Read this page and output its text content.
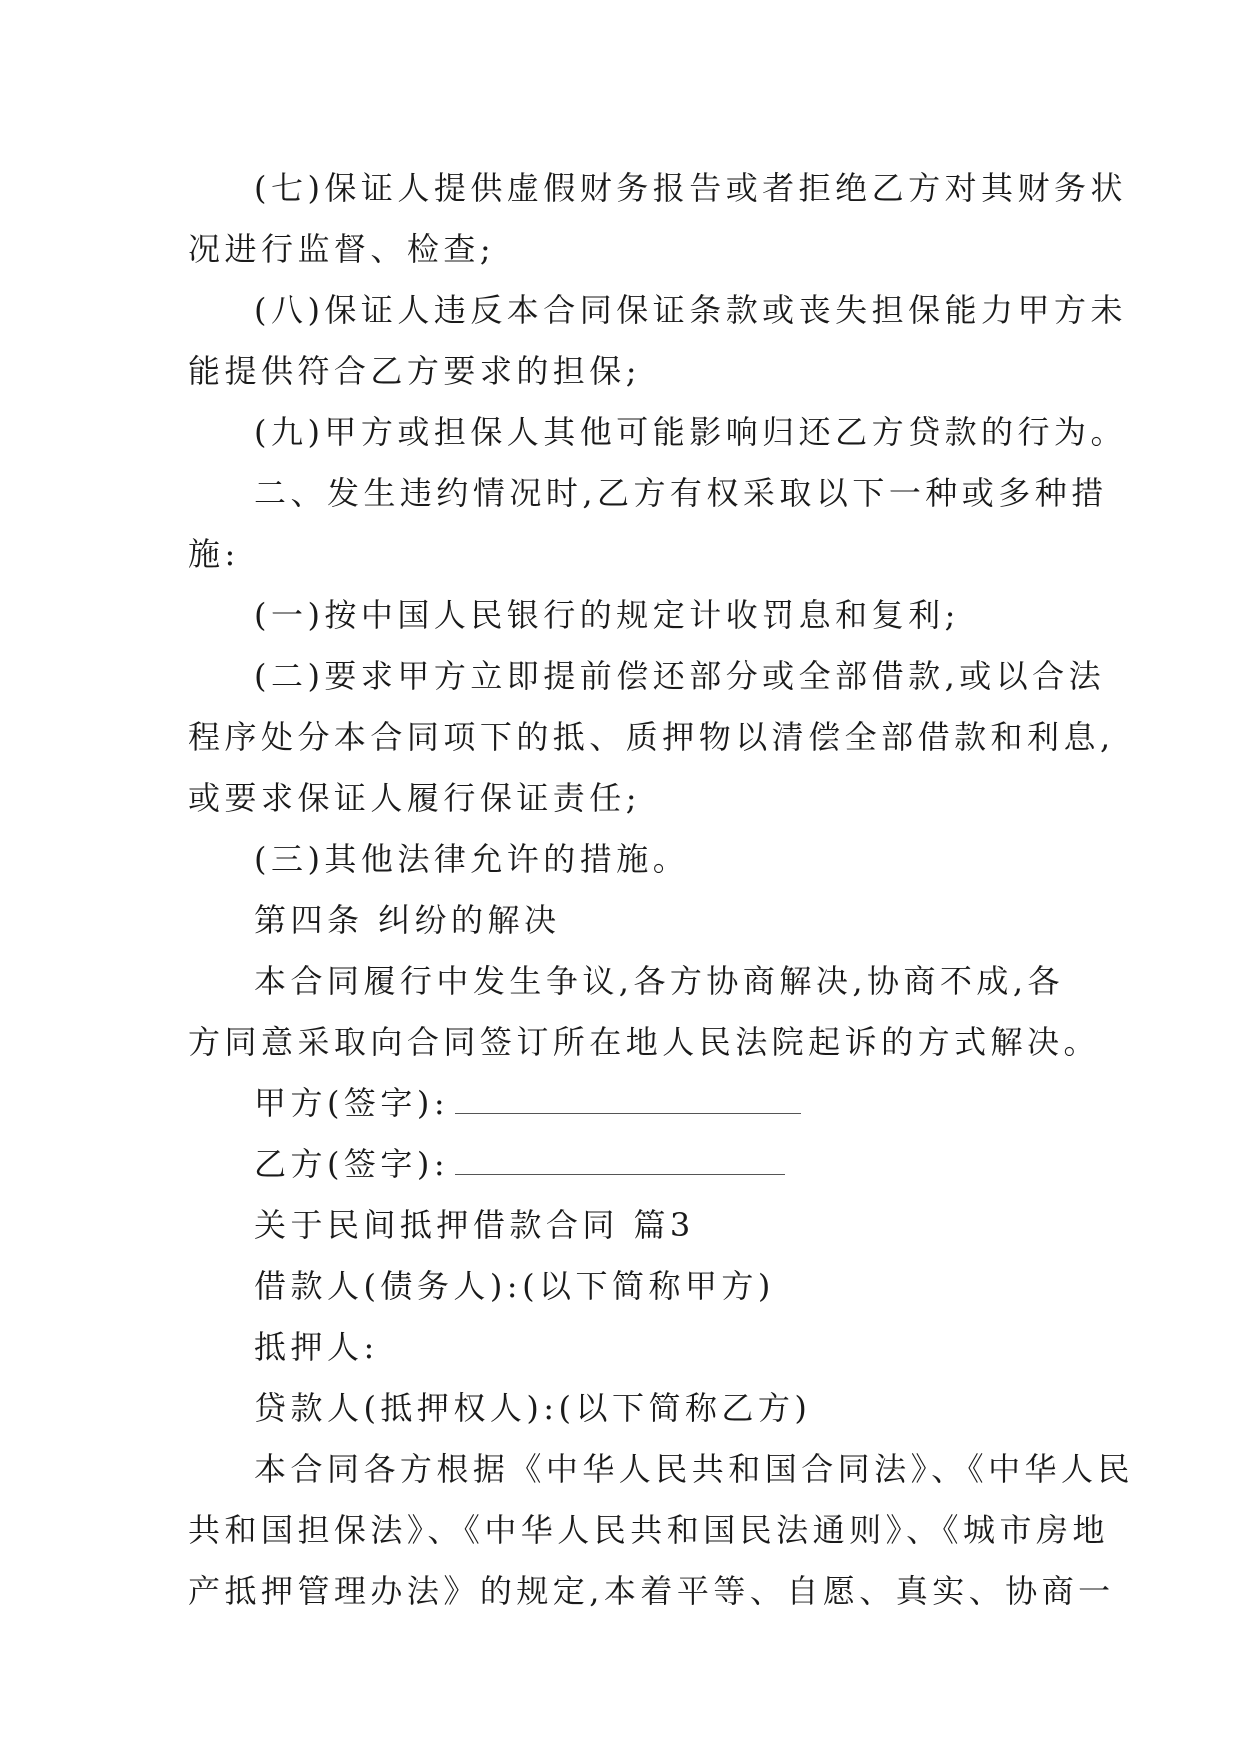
(七)保证人提供虚假财务报告或者拒绝乙方对其财务状
况进行监督、检查;
(八)保证人违反本合同保证条款或丧失担保能力甲方未
能提供符合乙方要求的担保;
(九)甲方或担保人其他可能影响归还乙方贷款的行为。
二、发生违约情况时,乙方有权采取以下一种或多种措
施:
(一)按中国人民银行的规定计收罚息和复利;
(二)要求甲方立即提前偿还部分或全部借款,或以合法
程序处分本合同项下的抵、质押物以清偿全部借款和利息,
或要求保证人履行保证责任;
(三)其他法律允许的措施。
第四条 纠纷的解决
本合同履行中发生争议,各方协商解决,协商不成,各
方同意采取向合同签订所在地人民法院起诉的方式解决。
甲方(签字):
乙方(签字):
关于民间抵押借款合同 篇3
借款人(债务人):(以下简称甲方)
抵押人:
贷款人(抵押权人):(以下简称乙方)
本合同各方根据《中华人民共和国合同法》、《中华人民
共和国担保法》、《中华人民共和国民法通则》、《城市房地
产抵押管理办法》的规定,本着平等、自愿、真实、协商一
